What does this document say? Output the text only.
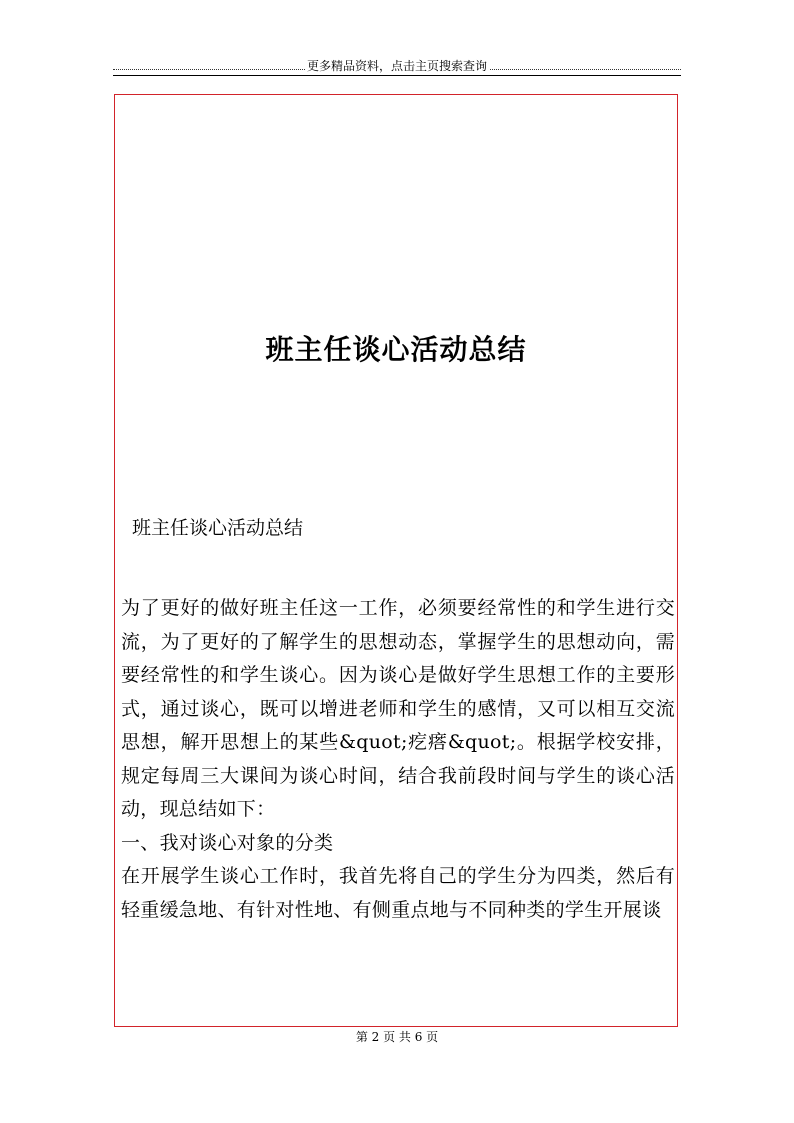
更多精品资料，点击主页搜索查询
班主任谈心活动总结
班主任谈心活动总结

为了更好的做好班主任这一工作，必须要经常性的和学生进行交流，为了更好的了解学生的思想动态，掌握学生的思想动向，需要经常性的和学生谈心。因为谈心是做好学生思想工作的主要形式，通过谈心，既可以增进老师和学生的感情，又可以相互交流思想，解开思想上的某些&quot;疙瘩&quot;。根据学校安排，规定每周三大课间为谈心时间，结合我前段时间与学生的谈心活动，现总结如下：

一、我对谈心对象的分类

在开展学生谈心工作时，我首先将自己的学生分为四类，然后有轻重缓急地、有针对性地、有侧重点地与不同种类的学生开展谈

第 2 页 共 6 页
